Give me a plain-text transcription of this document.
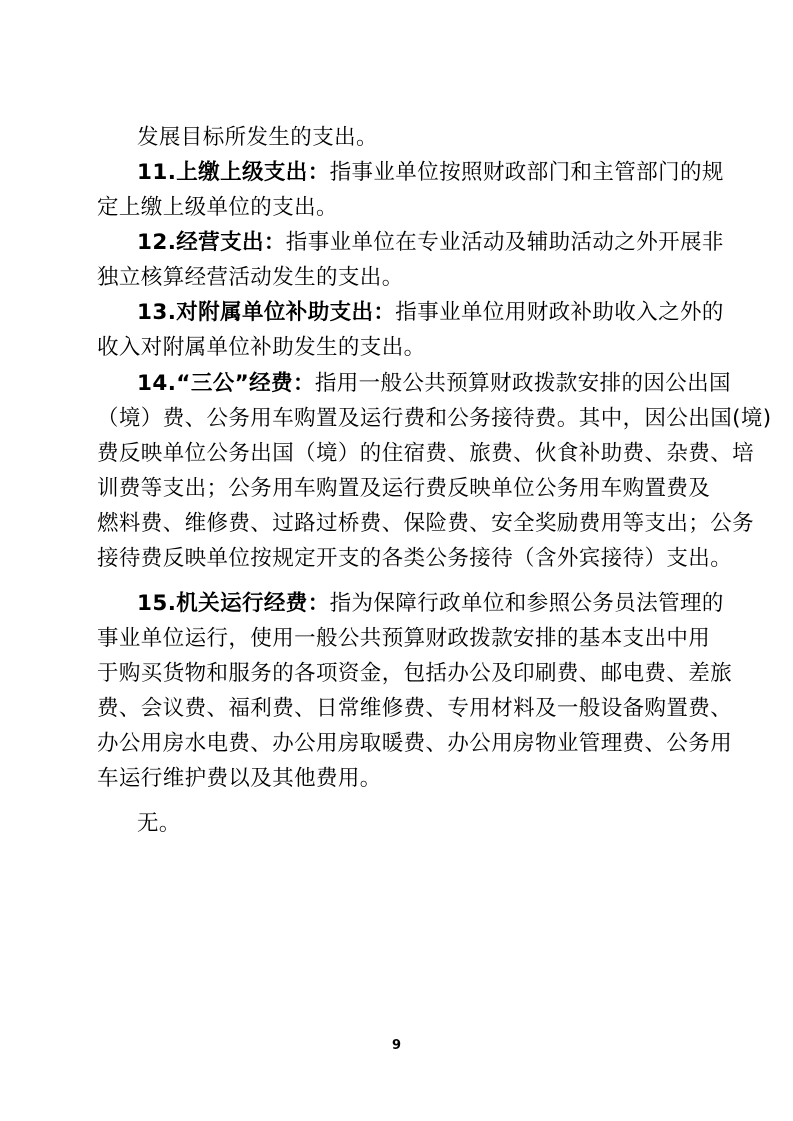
发展目标所发生的支出。
11.上缴上级支出：指事业单位按照财政部门和主管部门的规
定上缴上级单位的支出。
12.经营支出：指事业单位在专业活动及辅助活动之外开展非
独立核算经营活动发生的支出。
13.对附属单位补助支出：指事业单位用财政补助收入之外的
收入对附属单位补助发生的支出。
14.“三公”经费：指用一般公共预算财政拨款安排的因公出国
（境）费、公务用车购置及运行费和公务接待费。其中，因公出国(境)
费反映单位公务出国（境）的住宿费、旅费、伙食补助费、杂费、培
训费等支出；公务用车购置及运行费反映单位公务用车购置费及
燃料费、维修费、过路过桥费、保险费、安全奖励费用等支出；公务
接待费反映单位按规定开支的各类公务接待（含外宾接待）支出。
15.机关运行经费：指为保障行政单位和参照公务员法管理的
事业单位运行，使用一般公共预算财政拨款安排的基本支出中用
于购买货物和服务的各项资金，包括办公及印刷费、邮电费、差旅
费、会议费、福利费、日常维修费、专用材料及一般设备购置费、
办公用房水电费、办公用房取暖费、办公用房物业管理费、公务用
车运行维护费以及其他费用。
无。
9
